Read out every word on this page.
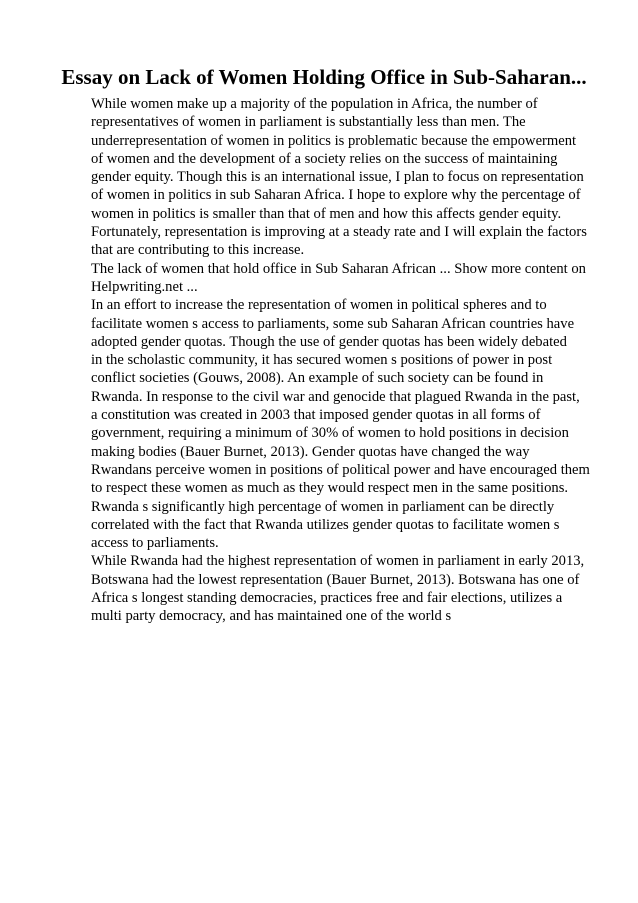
Essay on Lack of Women Holding Office in Sub-Saharan...
While women make up a majority of the population in Africa, the number of
representatives of women in parliament is substantially less than men. The
underrepresentation of women in politics is problematic because the empowerment
of women and the development of a society relies on the success of maintaining
gender equity. Though this is an international issue, I plan to focus on representation
of women in politics in sub Saharan Africa. I hope to explore why the percentage of
women in politics is smaller than that of men and how this affects gender equity.
Fortunately, representation is improving at a steady rate and I will explain the factors
that are contributing to this increase.
The lack of women that hold office in Sub Saharan African ... Show more content on
Helpwriting.net ...
In an effort to increase the representation of women in political spheres and to
facilitate women s access to parliaments, some sub Saharan African countries have
adopted gender quotas. Though the use of gender quotas has been widely debated
in the scholastic community, it has secured women s positions of power in post
conflict societies (Gouws, 2008). An example of such society can be found in
Rwanda. In response to the civil war and genocide that plagued Rwanda in the past,
a constitution was created in 2003 that imposed gender quotas in all forms of
government, requiring a minimum of 30% of women to hold positions in decision
making bodies (Bauer Burnet, 2013). Gender quotas have changed the way
Rwandans perceive women in positions of political power and have encouraged them
to respect these women as much as they would respect men in the same positions.
Rwanda s significantly high percentage of women in parliament can be directly
correlated with the fact that Rwanda utilizes gender quotas to facilitate women s
access to parliaments.
While Rwanda had the highest representation of women in parliament in early 2013,
Botswana had the lowest representation (Bauer Burnet, 2013). Botswana has one of
Africa s longest standing democracies, practices free and fair elections, utilizes a
multi party democracy, and has maintained one of the world s
